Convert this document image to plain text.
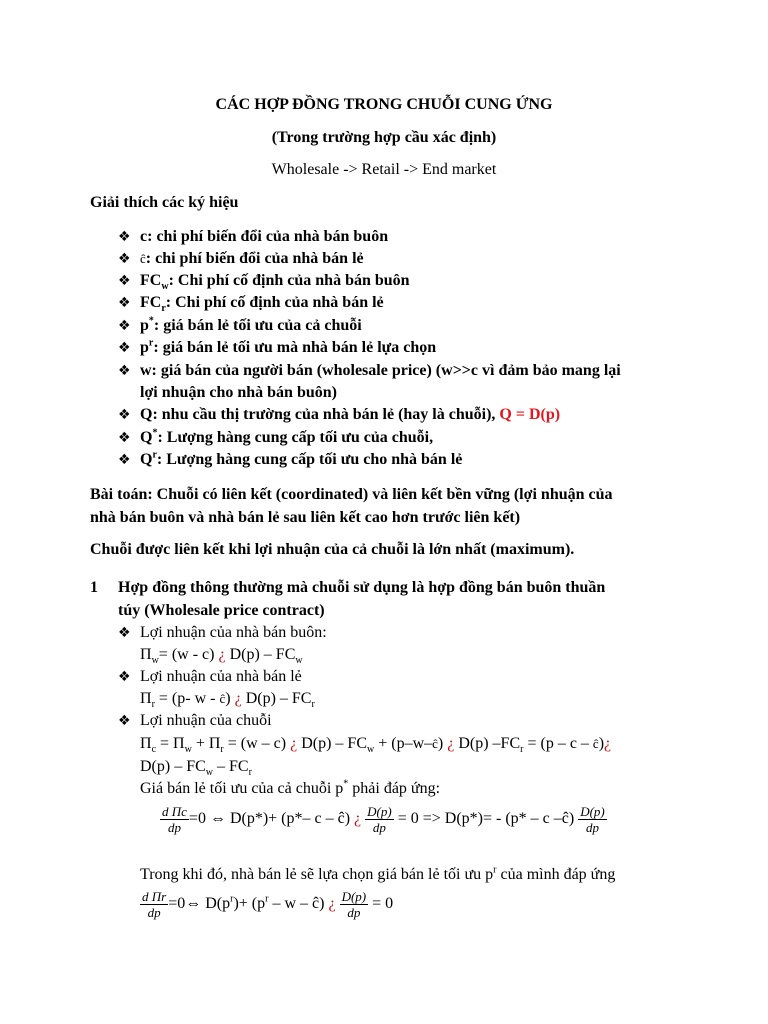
CÁC HỢP ĐỒNG TRONG CHUỖI CUNG ỨNG
(Trong trường hợp cầu xác định)
Wholesale -> Retail -> End market
Giải thích các ký hiệu
❖ c: chi phí biến đổi của nhà bán buôn
❖ ĉ: chi phí biến đổi của nhà bán lẻ
❖ $FC_w$: Chi phí cố định của nhà bán buôn
❖ $FC_r$: Chi phí cố định của nhà bán lẻ
❖ p*: giá bán lẻ tối ưu của cả chuỗi
❖ $p^r$: giá bán lẻ tối ưu mà nhà bán lẻ lựa chọn
❖ w: giá bán của người bán (wholesale price) (w>>c vì đảm bảo mang lại
lợi nhuận cho nhà bán buôn)
❖ Q: nhu cầu thị trường của nhà bán lẻ (hay là chuỗi), Q = D(p)
❖ Q*: Lượng hàng cung cấp tối ưu của chuỗi,
❖ $Q^r$: Lượng hàng cung cấp tối ưu cho nhà bán lẻ
Bài toán: Chuỗi có liên kết (coordinated) và liên kết bền vững (lợi nhuận của
nhà bán buôn và nhà bán lẻ sau liên kết cao hơn trước liên kết)
Chuỗi được liên kết khi lợi nhuận của cả chuỗi là lớn nhất (maximum).
1 Hợp đồng thông thường mà chuỗi sử dụng là hợp đồng bán buôn thuần
túy (Wholesale price contract)
❖ Lợi nhuận của nhà bán buôn:
$\Pi_w= (w - c)$ ¿ $D(p) - FC_w$
❖ Lợi nhuận của nhà bán lẻ
$\Pi_r = (p-$ w - ĉ) ¿ $D(p) - FC_r$
❖ Lợi nhuận của chuỗi
$\Pi_c = \Pi_w + \Pi_r = (w - c)$ ¿ $D(p) - FC_w$ + (p–w–ĉ) ¿ D(p) $-FC_r = (p - c$ – ĉ)¿
$D(p) - FC_w - FC_r$
Giá bán lẻ tối ưu của cả chuỗi p* phải đáp ứng:
$\frac{\text{d Πc}}{dp} =0$ ⇔ D(p*)+ (p*– c – ĉ) ¿ $\frac{D(p)}{dp} = 0 => D(p*)= - (p* - c$ –ĉ) $\frac{D(p)}{dp}$
Trong khi đó, nhà bán lẻ sẽ lựa chọn giá bán lẻ tối ưu $p^r$ của mình đáp ứng
$\frac{\text{d Πr}}{dp}$ =0⇔ $D(p^r)+ (p^r - w$ – ĉ) ¿ $\frac{D(p)}{dp} = 0$
